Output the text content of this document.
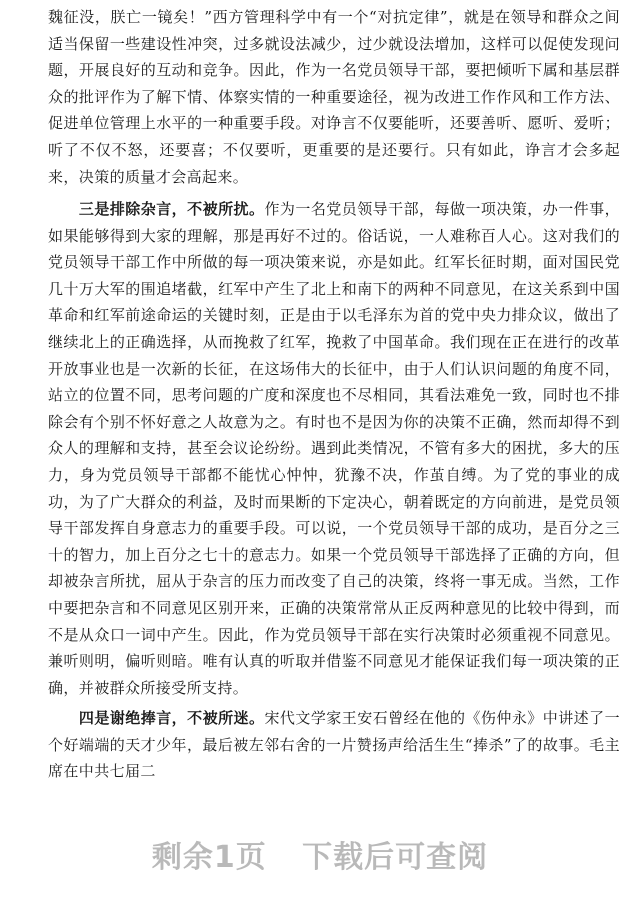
魏征没，朕亡一镜矣！”西方管理科学中有一个“对抗定律”，就是在领导和群众之间适当保留一些建设性冲突，过多就设法减少，过少就设法增加，这样可以促使发现问题，开展良好的互动和竞争。因此，作为一名党员领导干部，要把倾听下属和基层群众的批评作为了解下情、体察实情的一种重要途径，视为改进工作作风和工作方法、促进单位管理上水平的一种重要手段。对诤言不仅要能听，还要善听、愿听、爱听；听了不仅不怒，还要喜；不仅要听，更重要的是还要行。只有如此，诤言才会多起来，决策的质量才会高起来。

　　三是排除杂言，不被所扰。作为一名党员领导干部，每做一项决策，办一件事，如果能够得到大家的理解，那是再好不过的。俗话说，一人难称百人心。这对我们的党员领导干部工作中所做的每一项决策来说，亦是如此。红军长征时期，面对国民党几十万大军的围追堵截，红军中产生了北上和南下的两种不同意见，在这关系到中国革命和红军前途命运的关键时刻，正是由于以毛泽东为首的党中央力排众议，做出了继续北上的正确选择，从而挽救了红军，挽救了中国革命。我们现在正在进行的改革开放事业也是一次新的长征，在这场伟大的长征中，由于人们认识问题的角度不同，站立的位置不同，思考问题的广度和深度也不尽相同，其看法难免一致，同时也不排除会有个别不怀好意之人故意为之。有时也不是因为你的决策不正确，然而却得不到众人的理解和支持，甚至会议论纷纷。遇到此类情况，不管有多大的困扰，多大的压力，身为党员领导干部都不能忧心忡忡，犹豫不决，作茧自缚。为了党的事业的成功，为了广大群众的利益，及时而果断的下定决心，朝着既定的方向前进，是党员领导干部发挥自身意志力的重要手段。可以说，一个党员领导干部的成功，是百分之三十的智力，加上百分之七十的意志力。如果一个党员领导干部选择了正确的方向，但却被杂言所扰，屈从于杂言的压力而改变了自己的决策，终将一事无成。当然，工作中要把杂言和不同意见区别开来，正确的决策常常从正反两种意见的比较中得到，而不是从众口一词中产生。因此，作为党员领导干部在实行决策时必须重视不同意见。兼听则明，偏听则暗。唯有认真的听取并借鉴不同意见才能保证我们每一项决策的正确，并被群众所接受所支持。

　　四是谢绝捧言，不被所迷。宋代文学家王安石曾经在他的《伤仲永》中讲述了一个好端端的天才少年，最后被左邻右舍的一片赞扬声给活生生“捧杀”了的故事。毛主席在中共七届二

剩余1页 下载后可查阅
